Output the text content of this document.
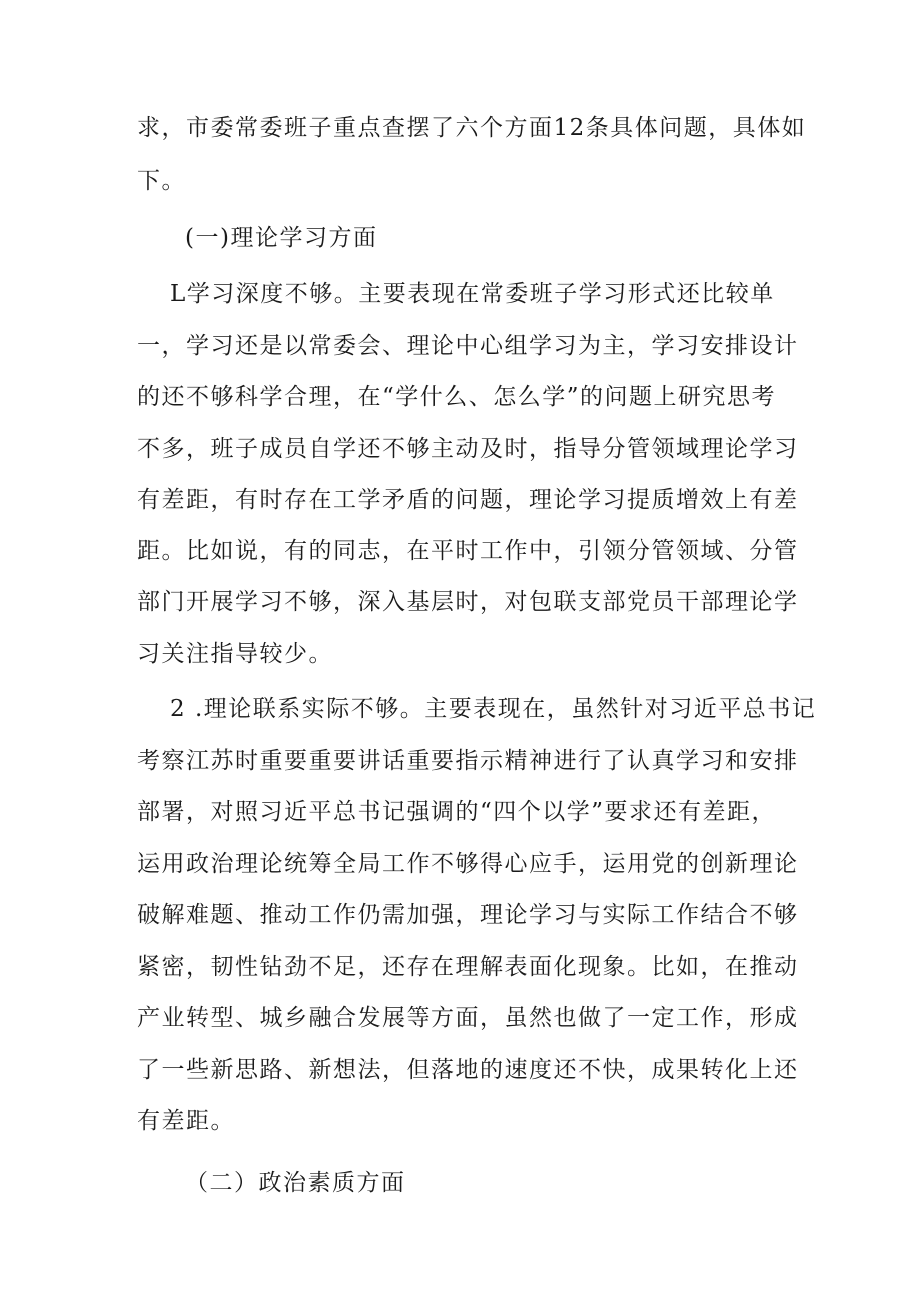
求，市委常委班子重点查摆了六个方面12条具体问题，具体如

下。

(一)理论学习方面

L学习深度不够。主要表现在常委班子学习形式还比较单

一，学习还是以常委会、理论中心组学习为主，学习安排设计

的还不够科学合理，在“学什么、怎么学”的问题上研究思考

不多，班子成员自学还不够主动及时，指导分管领域理论学习

有差距，有时存在工学矛盾的问题，理论学习提质增效上有差

距。比如说，有的同志，在平时工作中，引领分管领域、分管

部门开展学习不够，深入基层时，对包联支部党员干部理论学

习关注指导较少。

2 .理论联系实际不够。主要表现在，虽然针对习近平总书记

考察江苏时重要重要讲话重要指示精神进行了认真学习和安排

部署，对照习近平总书记强调的“四个以学”要求还有差距，

运用政治理论统筹全局工作不够得心应手，运用党的创新理论

破解难题、推动工作仍需加强，理论学习与实际工作结合不够

紧密，韧性钻劲不足，还存在理解表面化现象。比如，在推动

产业转型、城乡融合发展等方面，虽然也做了一定工作，形成

了一些新思路、新想法，但落地的速度还不快，成果转化上还

有差距。

（二）政治素质方面
